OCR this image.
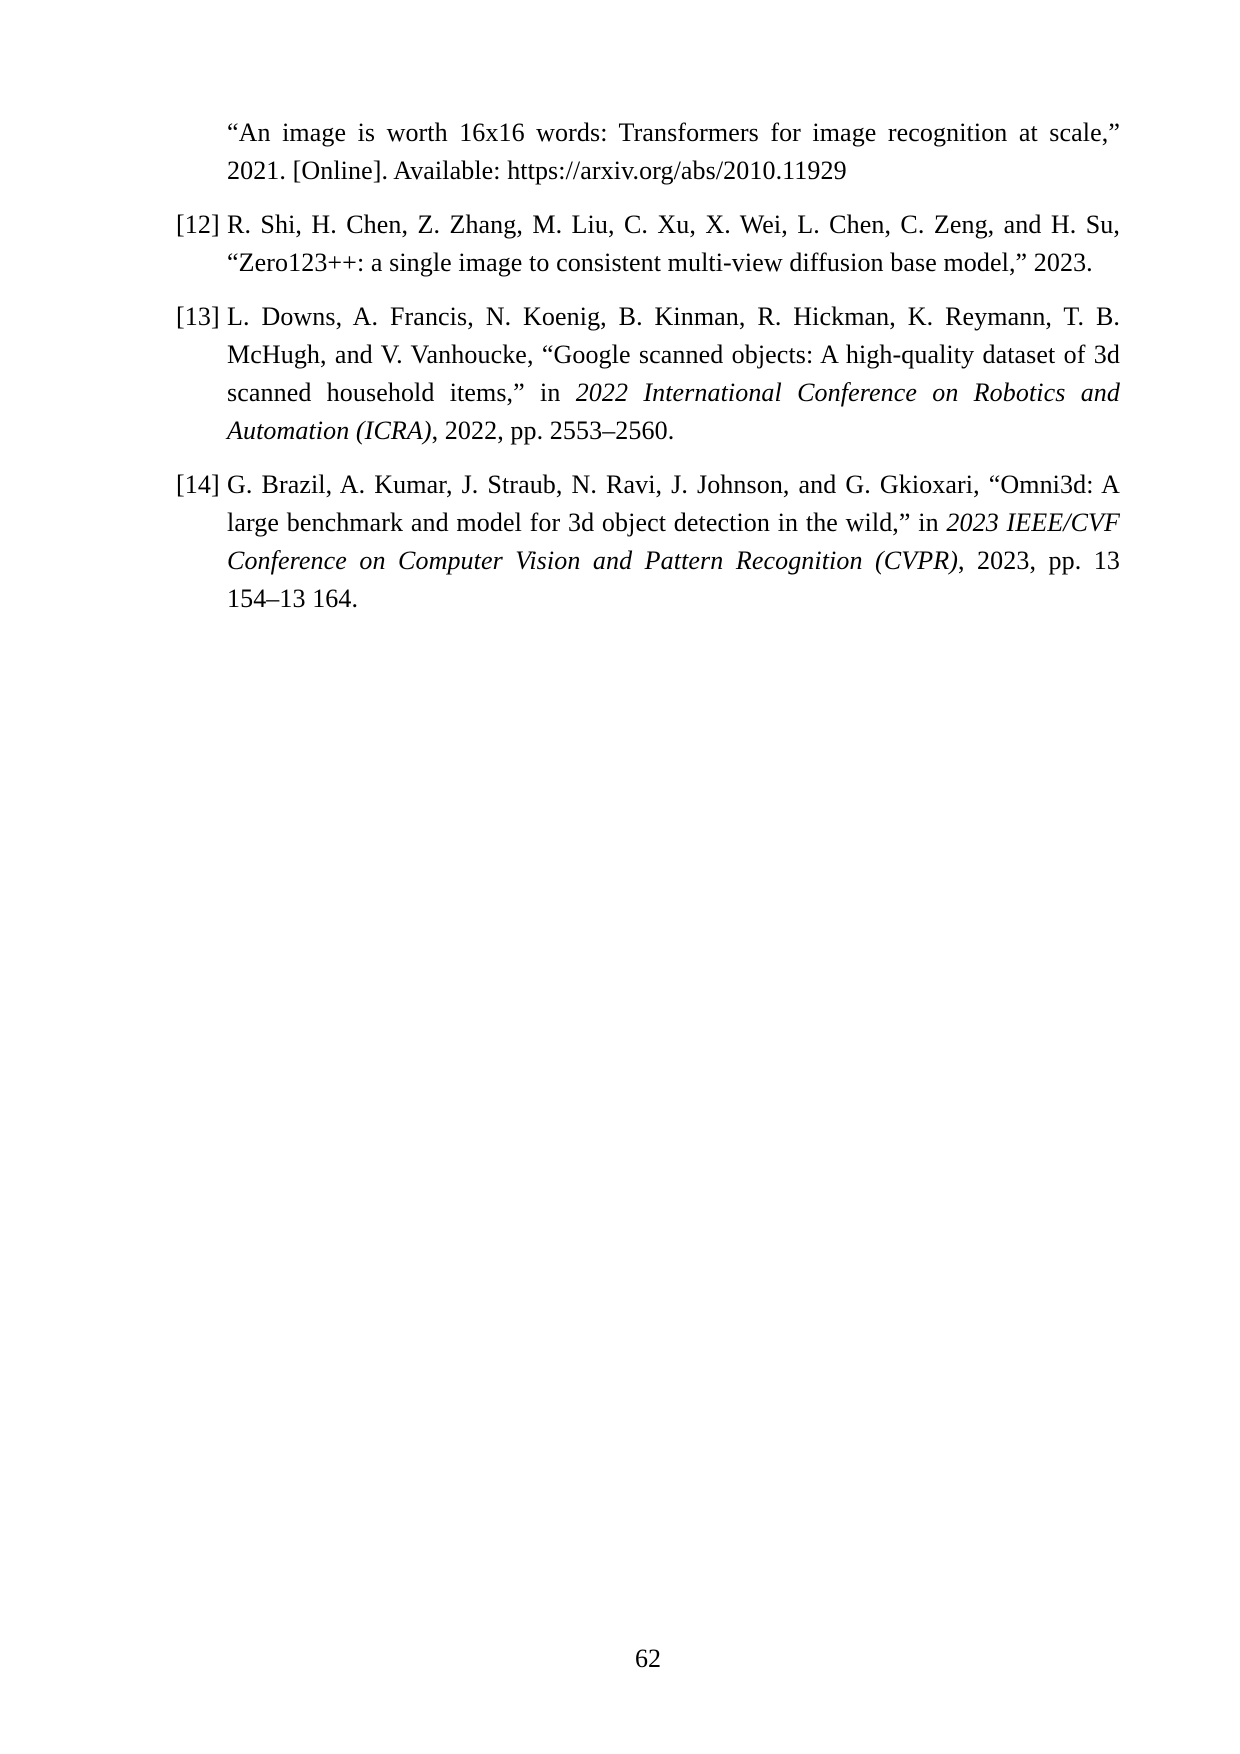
“An image is worth 16x16 words: Transformers for image recognition at scale,” 2021. [Online]. Available: https://arxiv.org/abs/2010.11929
[12] R. Shi, H. Chen, Z. Zhang, M. Liu, C. Xu, X. Wei, L. Chen, C. Zeng, and H. Su, “Zero123++: a single image to consistent multi-view diffusion base model,” 2023.
[13] L. Downs, A. Francis, N. Koenig, B. Kinman, R. Hickman, K. Reymann, T. B. McHugh, and V. Vanhoucke, “Google scanned objects: A high-quality dataset of 3d scanned household items,” in 2022 International Conference on Robotics and Automation (ICRA), 2022, pp. 2553–2560.
[14] G. Brazil, A. Kumar, J. Straub, N. Ravi, J. Johnson, and G. Gkioxari, “Omni3d: A large benchmark and model for 3d object detection in the wild,” in 2023 IEEE/CVF Conference on Computer Vision and Pattern Recognition (CVPR), 2023, pp. 13 154–13 164.
62
